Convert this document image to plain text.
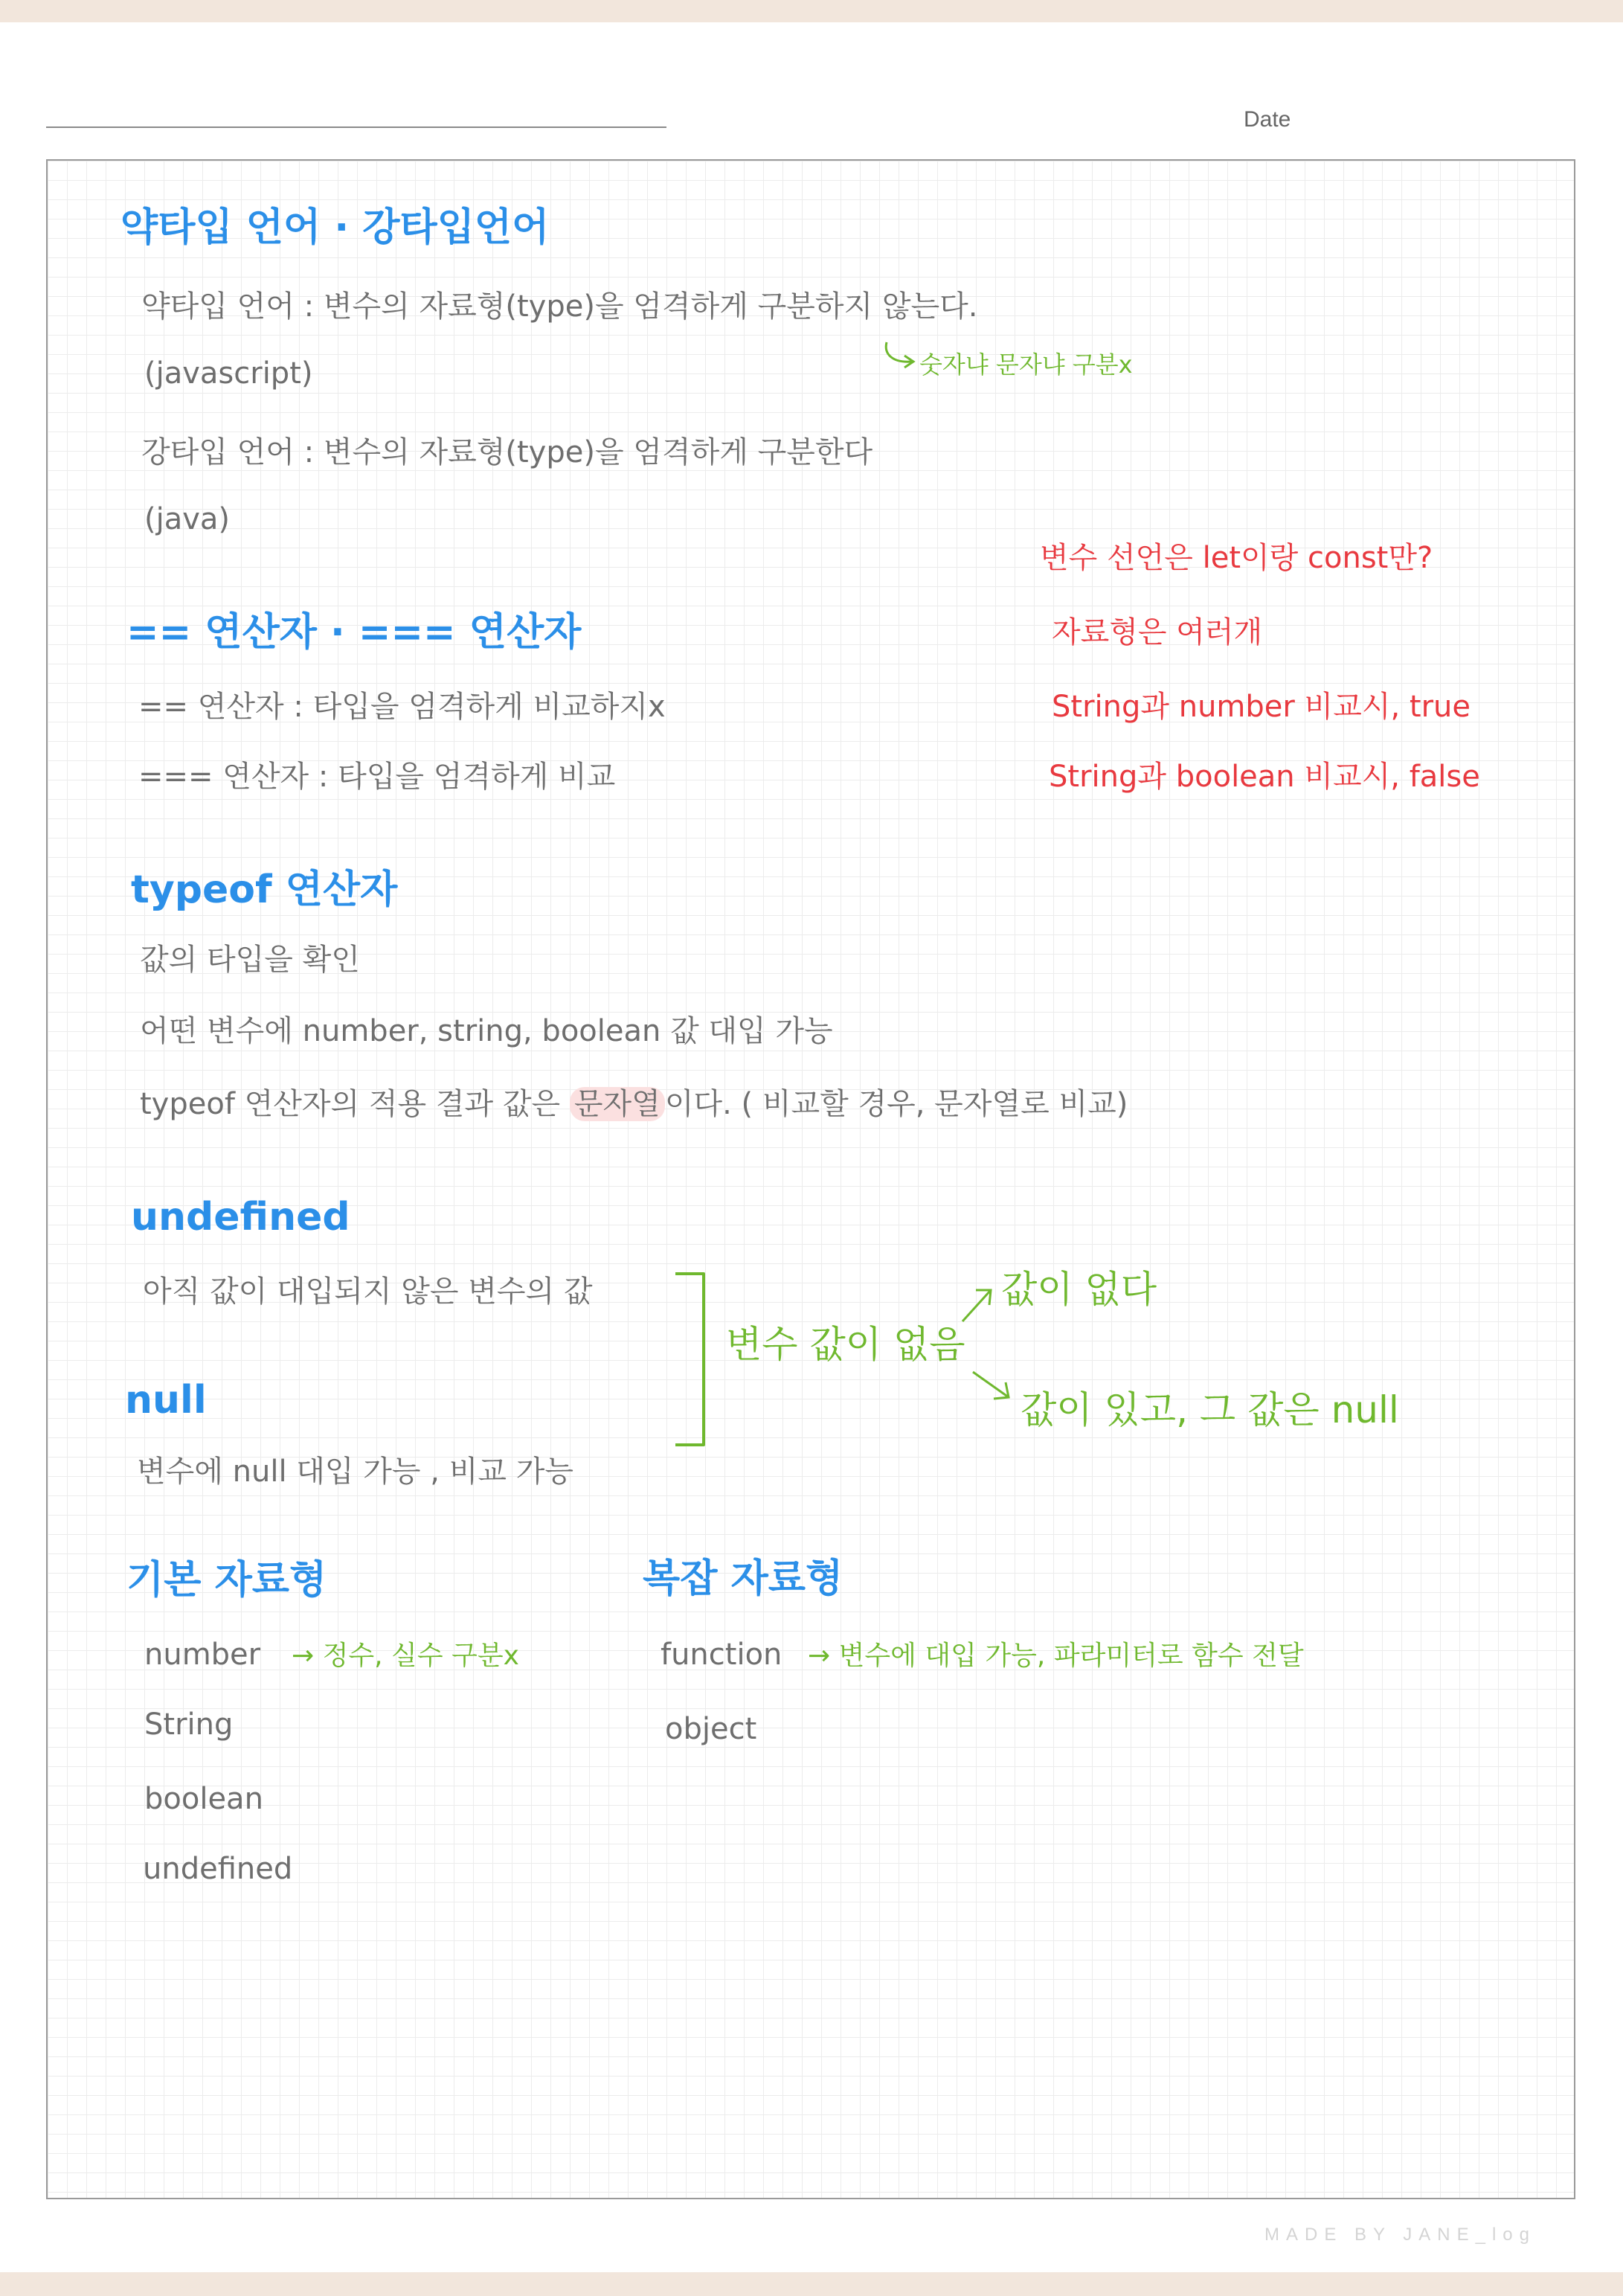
Date
약타입 언어 · 강타입언어
약타입 언어 : 변수의 자료형(type)을 엄격하게 구분하지 않는다.
(javascript)	숫자냐 문자냐 구분x
강타입 언어 : 변수의 자료형(type)을 엄격하게 구분한다
(java)
변수 선언은 let이랑 const만?
자료형은 여러개
String과 number 비교시, true
String과 boolean 비교시, false
== 연산자 · === 연산자
== 연산자 : 타입을 엄격하게 비교하지x
=== 연산자 : 타입을 엄격하게 비교
typeof 연산자
값의 타입을 확인
어떤 변수에 number, string, boolean 값 대입 가능
typeof 연산자의 적용 결과 값은 문자열 이다. ( 비교할 경우, 문자열로 비교)
undefined
아직 값이 대입되지 않은 변수의 값
null
변수에 null 대입 가능 , 비교 가능
변수 값이 없음
값이 없다
값이 있고, 그 값은 null
기본 자료형
number → 정수, 실수 구분x
String
boolean
undefined
복잡 자료형
function → 변수에 대입 가능, 파라미터로 함수 전달
object
MADE BY JANE_log
